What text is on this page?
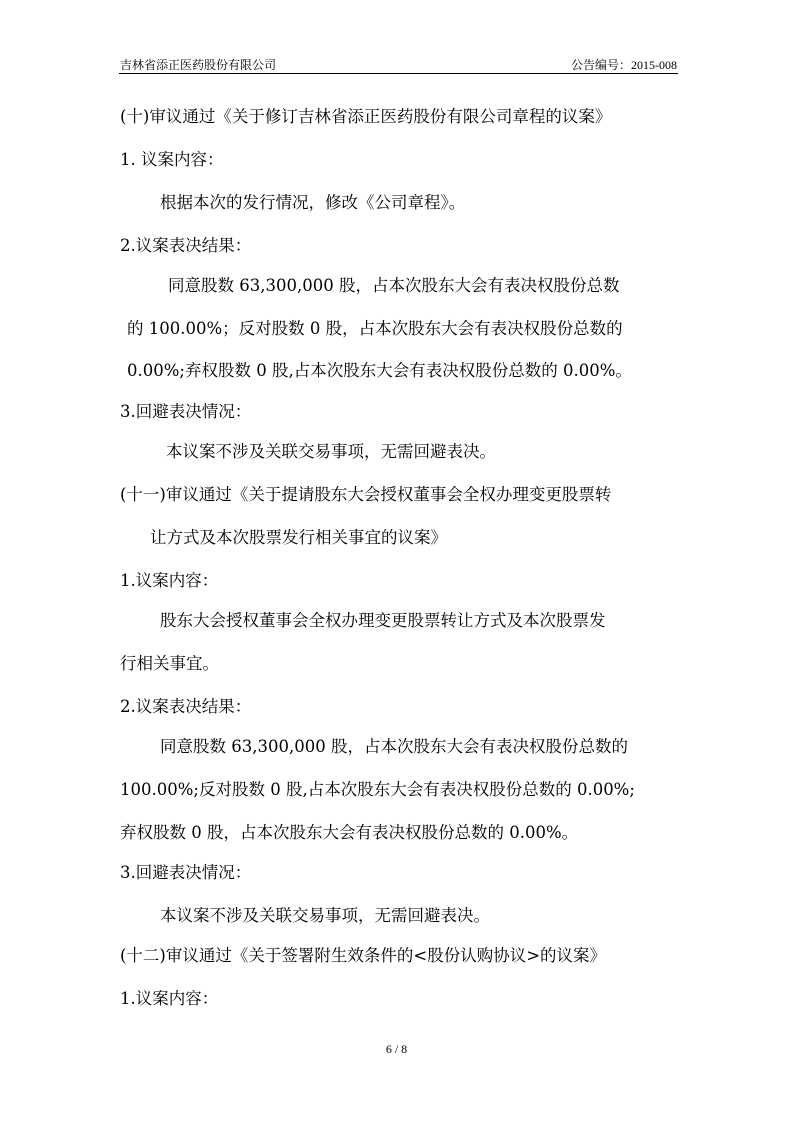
吉林省添正医药股份有限公司	公告编号：2015-008
(十)审议通过《关于修订吉林省添正医药股份有限公司章程的议案》
1. 议案内容：
根据本次的发行情况，修改《公司章程》。
2.议案表决结果：
同意股数 63,300,000 股，占本次股东大会有表决权股份总数
的 100.00%；反对股数 0 股，占本次股东大会有表决权股份总数的
0.00%;弃权股数 0 股,占本次股东大会有表决权股份总数的 0.00%。
3.回避表决情况：
本议案不涉及关联交易事项，无需回避表决。
(十一)审议通过《关于提请股东大会授权董事会全权办理变更股票转
让方式及本次股票发行相关事宜的议案》
1.议案内容：
股东大会授权董事会全权办理变更股票转让方式及本次股票发
行相关事宜。
2.议案表决结果：
同意股数 63,300,000 股，占本次股东大会有表决权股份总数的
100.00%;反对股数 0 股,占本次股东大会有表决权股份总数的 0.00%;
弃权股数 0 股，占本次股东大会有表决权股份总数的 0.00%。
3.回避表决情况：
本议案不涉及关联交易事项，无需回避表决。
(十二)审议通过《关于签署附生效条件的<股份认购协议>的议案》
1.议案内容：
6 / 8
